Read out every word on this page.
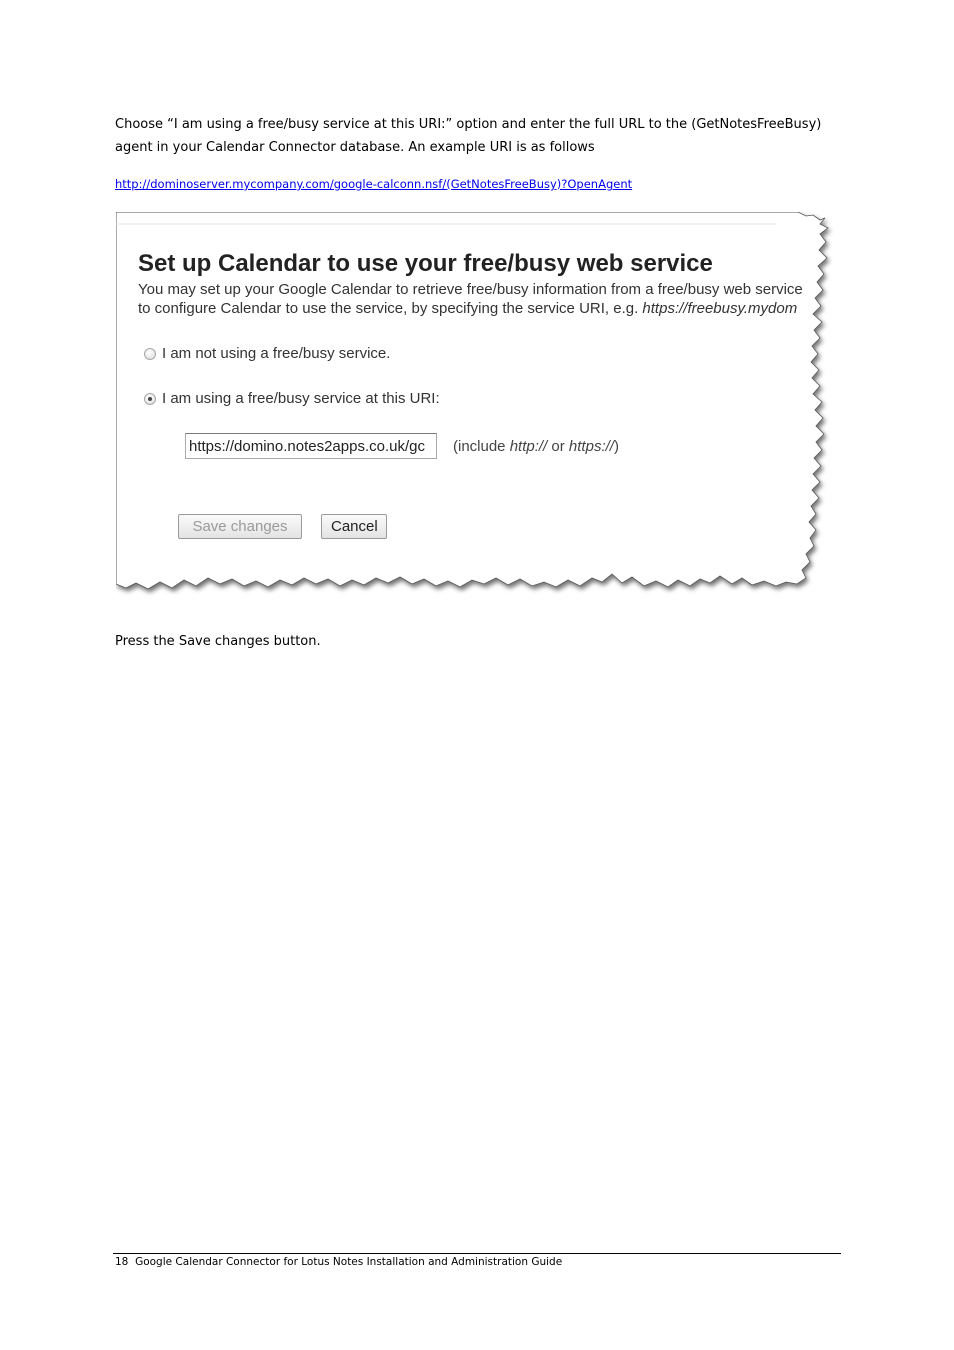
Choose “I am using a free/busy service at this URI:” option and enter the full URL to the (GetNotesFreeBusy)
agent in your Calendar Connector database. An example URI is as follows
http://dominoserver.mycompany.com/google-calconn.nsf/(GetNotesFreeBusy)?OpenAgent
Set up Calendar to use your free/busy web service
You may set up your Google Calendar to retrieve free/busy information from a free/busy web service
to configure Calendar to use the service, by specifying the service URI, e.g. https://freebusy.mydom
I am not using a free/busy service.
I am using a free/busy service at this URI:
https://domino.notes2apps.co.uk/gc
(include http:// or https://)
Save changes	Cancel
Press the Save changes button.
18 Google Calendar Connector for Lotus Notes Installation and Administration Guide
